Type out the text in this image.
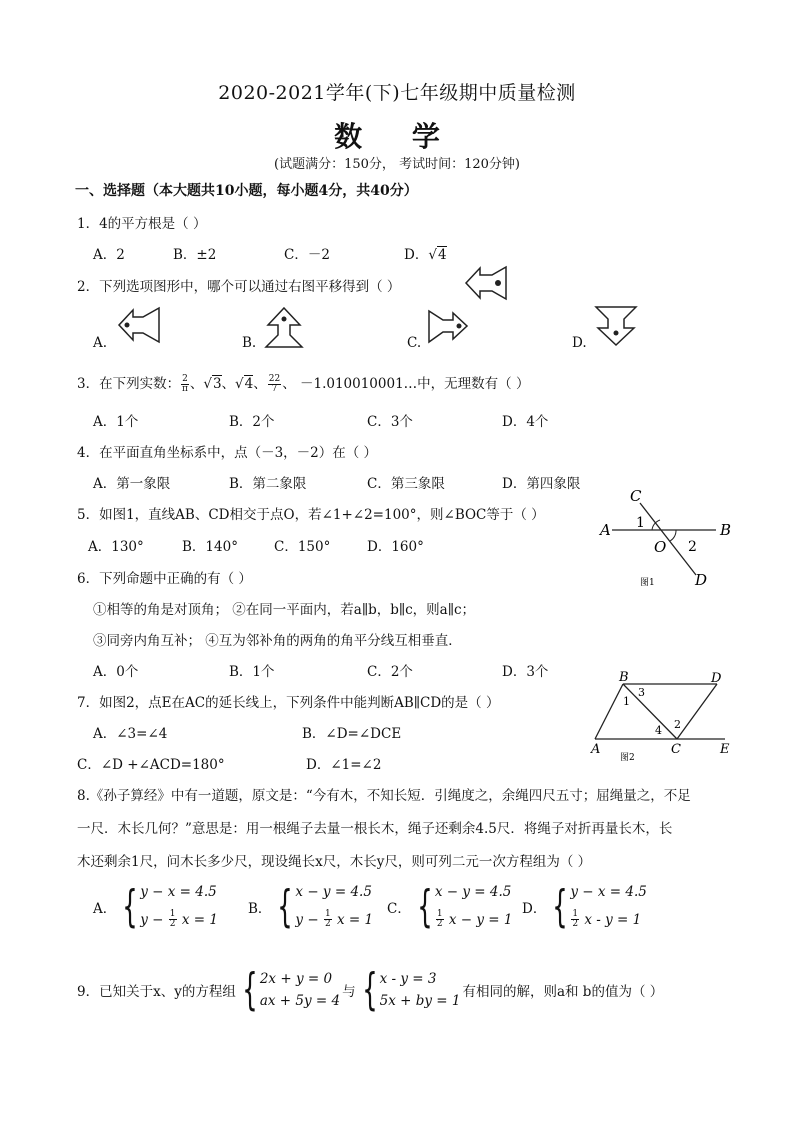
2020-2021学年(下)七年级期中质量检测
数 学
(试题满分：150分， 考试时间：120分钟)
一、选择题（本大题共10小题，每小题4分，共40分）
1．4的平方根是（ ）
A．2	B．±2	C．－2	D．√4
2．下列选项图形中，哪个可以通过右图平移得到（ ）
A.	B.	C.	D.
3．在下列实数： $\frac{2}{\pi}$ 、√3、√4、 $\frac{22}{7}$ 、 －1.010010001…中，无理数有（ ）
A．1个	B．2个	C．3个	D．4个
4．在平面直角坐标系中，点（－3，－2）在（ ）
A．第一象限	B．第二象限	C．第三象限	D．第四象限
5．如图1，直线AB、CD相交于点O，若∠1+∠2=100°，则∠BOC等于（ ）
A．130°	B．140°	C．150°	D．160°
A	B
C
D
O
1
2
图1
6．下列命题中正确的有（ ）
①相等的角是对顶角； ②在同一平面内，若a∥b，b∥c，则a∥c；
③同旁内角互补； ④互为邻补角的两角的角平分线互相垂直．
A．0个	B．1个	C．2个	D．3个
7．如图2，点E在AC的延长线上，下列条件中能判断AB∥CD的是（ ）
A．∠3=∠4	B．∠D=∠DCE
C．∠D +∠ACD=180°	D．∠1=∠2
A
B
C
D
E
1
2
3
4
图2
8.《孙子算经》中有一道题，原文是：“今有木，不知长短．引绳度之，余绳四尺五寸；屈绳量之，不足
一尺．木长几何？”意思是：用一根绳子去量一根长木，绳子还剩余4.5尺．将绳子对折再量长木，长
木还剩余1尺，问木长多少尺，现设绳长x尺，木长y尺，则可列二元一次方程组为（ ）
A． { y − x = 4.5
y −
$\frac{1}{2}$
x = 1
B． { x − y = 4.5
y −
$\frac{1}{2}$
x = 1
C． { x − y = 4.5
$\frac{1}{2}$
x − y = 1
D． { y − x = 4.5
$\frac{1}{2}$
x - y = 1
9．已知关于x、y的方程组 { 2x + y = 0
ax + 5y = 4
与 { x - y = 3
5x + by = 1
有相同的解，则a和 b的值为（ ）
